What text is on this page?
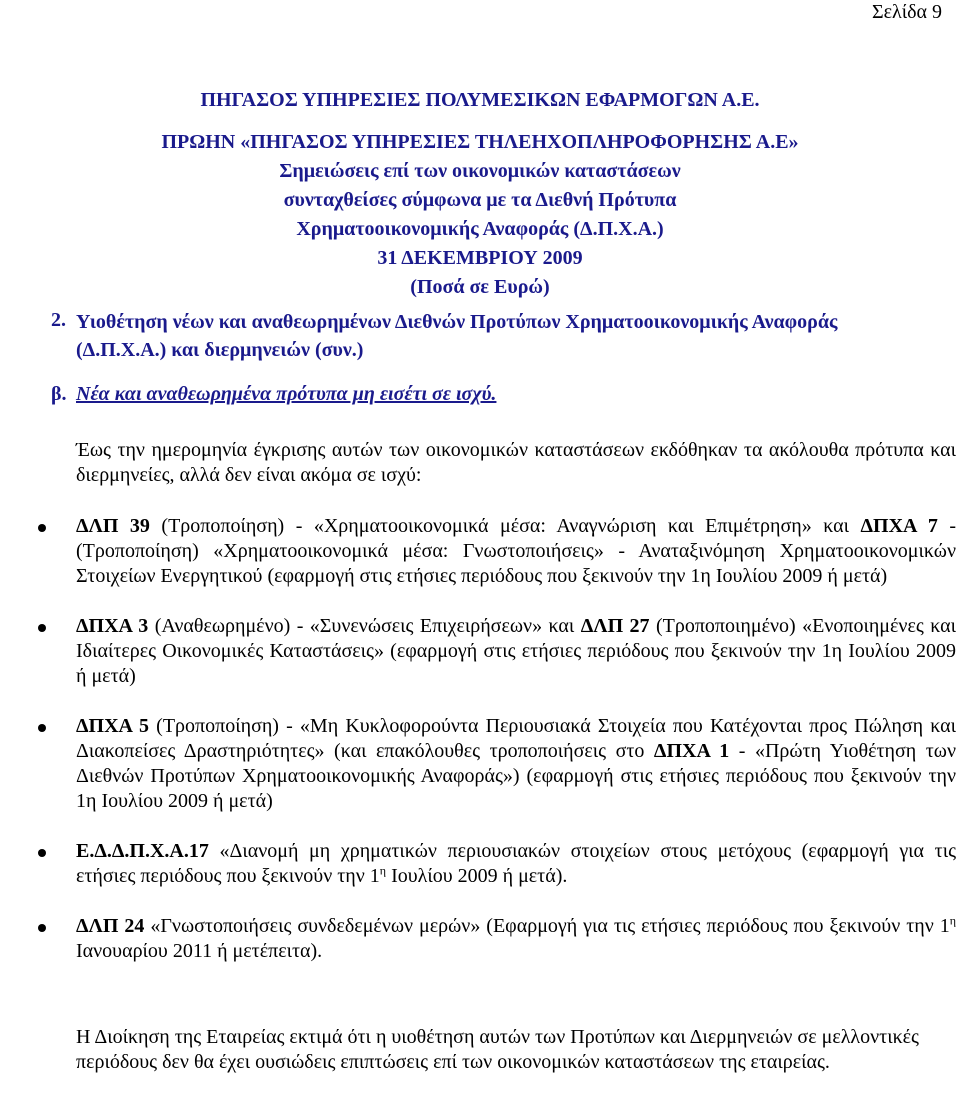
Σελίδα 9
ΠΗΓΑΣΟΣ ΥΠΗΡΕΣΙΕΣ ΠΟΛΥΜΕΣΙΚΩΝ ΕΦΑΡΜΟΓΩΝ Α.Ε.
ΠΡΩΗΝ «ΠΗΓΑΣΟΣ ΥΠΗΡΕΣΙΕΣ ΤΗΛΕΗΧΟΠΛΗΡΟΦΟΡΗΣΗΣ Α.Ε»
Σημειώσεις επί των οικονομικών καταστάσεων
συνταχθείσες σύμφωνα με τα Διεθνή Πρότυπα
Χρηματοοικονομικής Αναφοράς (Δ.Π.Χ.Α.)
31 ΔΕΚΕΜΒΡΙΟΥ 2009
(Ποσά σε Ευρώ)
2. Υιοθέτηση νέων και αναθεωρημένων Διεθνών Προτύπων Χρηματοοικονομικής Αναφοράς (Δ.Π.Χ.Α.) και διερμηνειών (συν.)
β. Νέα και αναθεωρημένα πρότυπα μη εισέτι σε ισχύ.
Έως την ημερομηνία έγκρισης αυτών των οικονομικών καταστάσεων εκδόθηκαν τα ακόλουθα πρότυπα και διερμηνείες, αλλά δεν είναι ακόμα σε ισχύ:
ΔΛΠ 39 (Τροποποίηση) - «Χρηματοοικονομικά μέσα: Αναγνώριση και Επιμέτρηση» και ΔΠΧΑ 7 - (Τροποποίηση) «Χρηματοοικονομικά μέσα: Γνωστοποιήσεις» - Αναταξινόμηση Χρηματοοικονομικών Στοιχείων Ενεργητικού (εφαρμογή στις ετήσιες περιόδους που ξεκινούν την 1η Ιουλίου 2009 ή μετά)
ΔΠΧΑ 3 (Αναθεωρημένο) - «Συνενώσεις Επιχειρήσεων» και ΔΛΠ 27 (Τροποποιημένο) «Ενοποιημένες και Ιδιαίτερες Οικονομικές Καταστάσεις» (εφαρμογή στις ετήσιες περιόδους που ξεκινούν την 1η Ιουλίου 2009 ή μετά)
ΔΠΧΑ 5 (Τροποποίηση) - «Μη Κυκλοφορούντα Περιουσιακά Στοιχεία που Κατέχονται προς Πώληση και Διακοπείσες Δραστηριότητες» (και επακόλουθες τροποποιήσεις στο ΔΠΧΑ 1 - «Πρώτη Υιοθέτηση των Διεθνών Προτύπων Χρηματοοικονομικής Αναφοράς») (εφαρμογή στις ετήσιες περιόδους που ξεκινούν την 1η Ιουλίου 2009 ή μετά)
Ε.Δ.Δ.Π.Χ.Α.17 «Διανομή μη χρηματικών περιουσιακών στοιχείων στους μετόχους (εφαρμογή για τις ετήσιες περιόδους που ξεκινούν την $1^\eta$ Ιουλίου 2009 ή μετά).
ΔΛΠ 24 «Γνωστοποιήσεις συνδεδεμένων μερών» (Εφαρμογή για τις ετήσιες περιόδους που ξεκινούν την $1^\eta$ Ιανουαρίου 2011 ή μετέπειτα).
Η Διοίκηση της Εταιρείας εκτιμά ότι η υιοθέτηση αυτών των Προτύπων και Διερμηνειών σε μελλοντικές περιόδους δεν θα έχει ουσιώδεις επιπτώσεις επί των οικονομικών καταστάσεων της εταιρείας.
